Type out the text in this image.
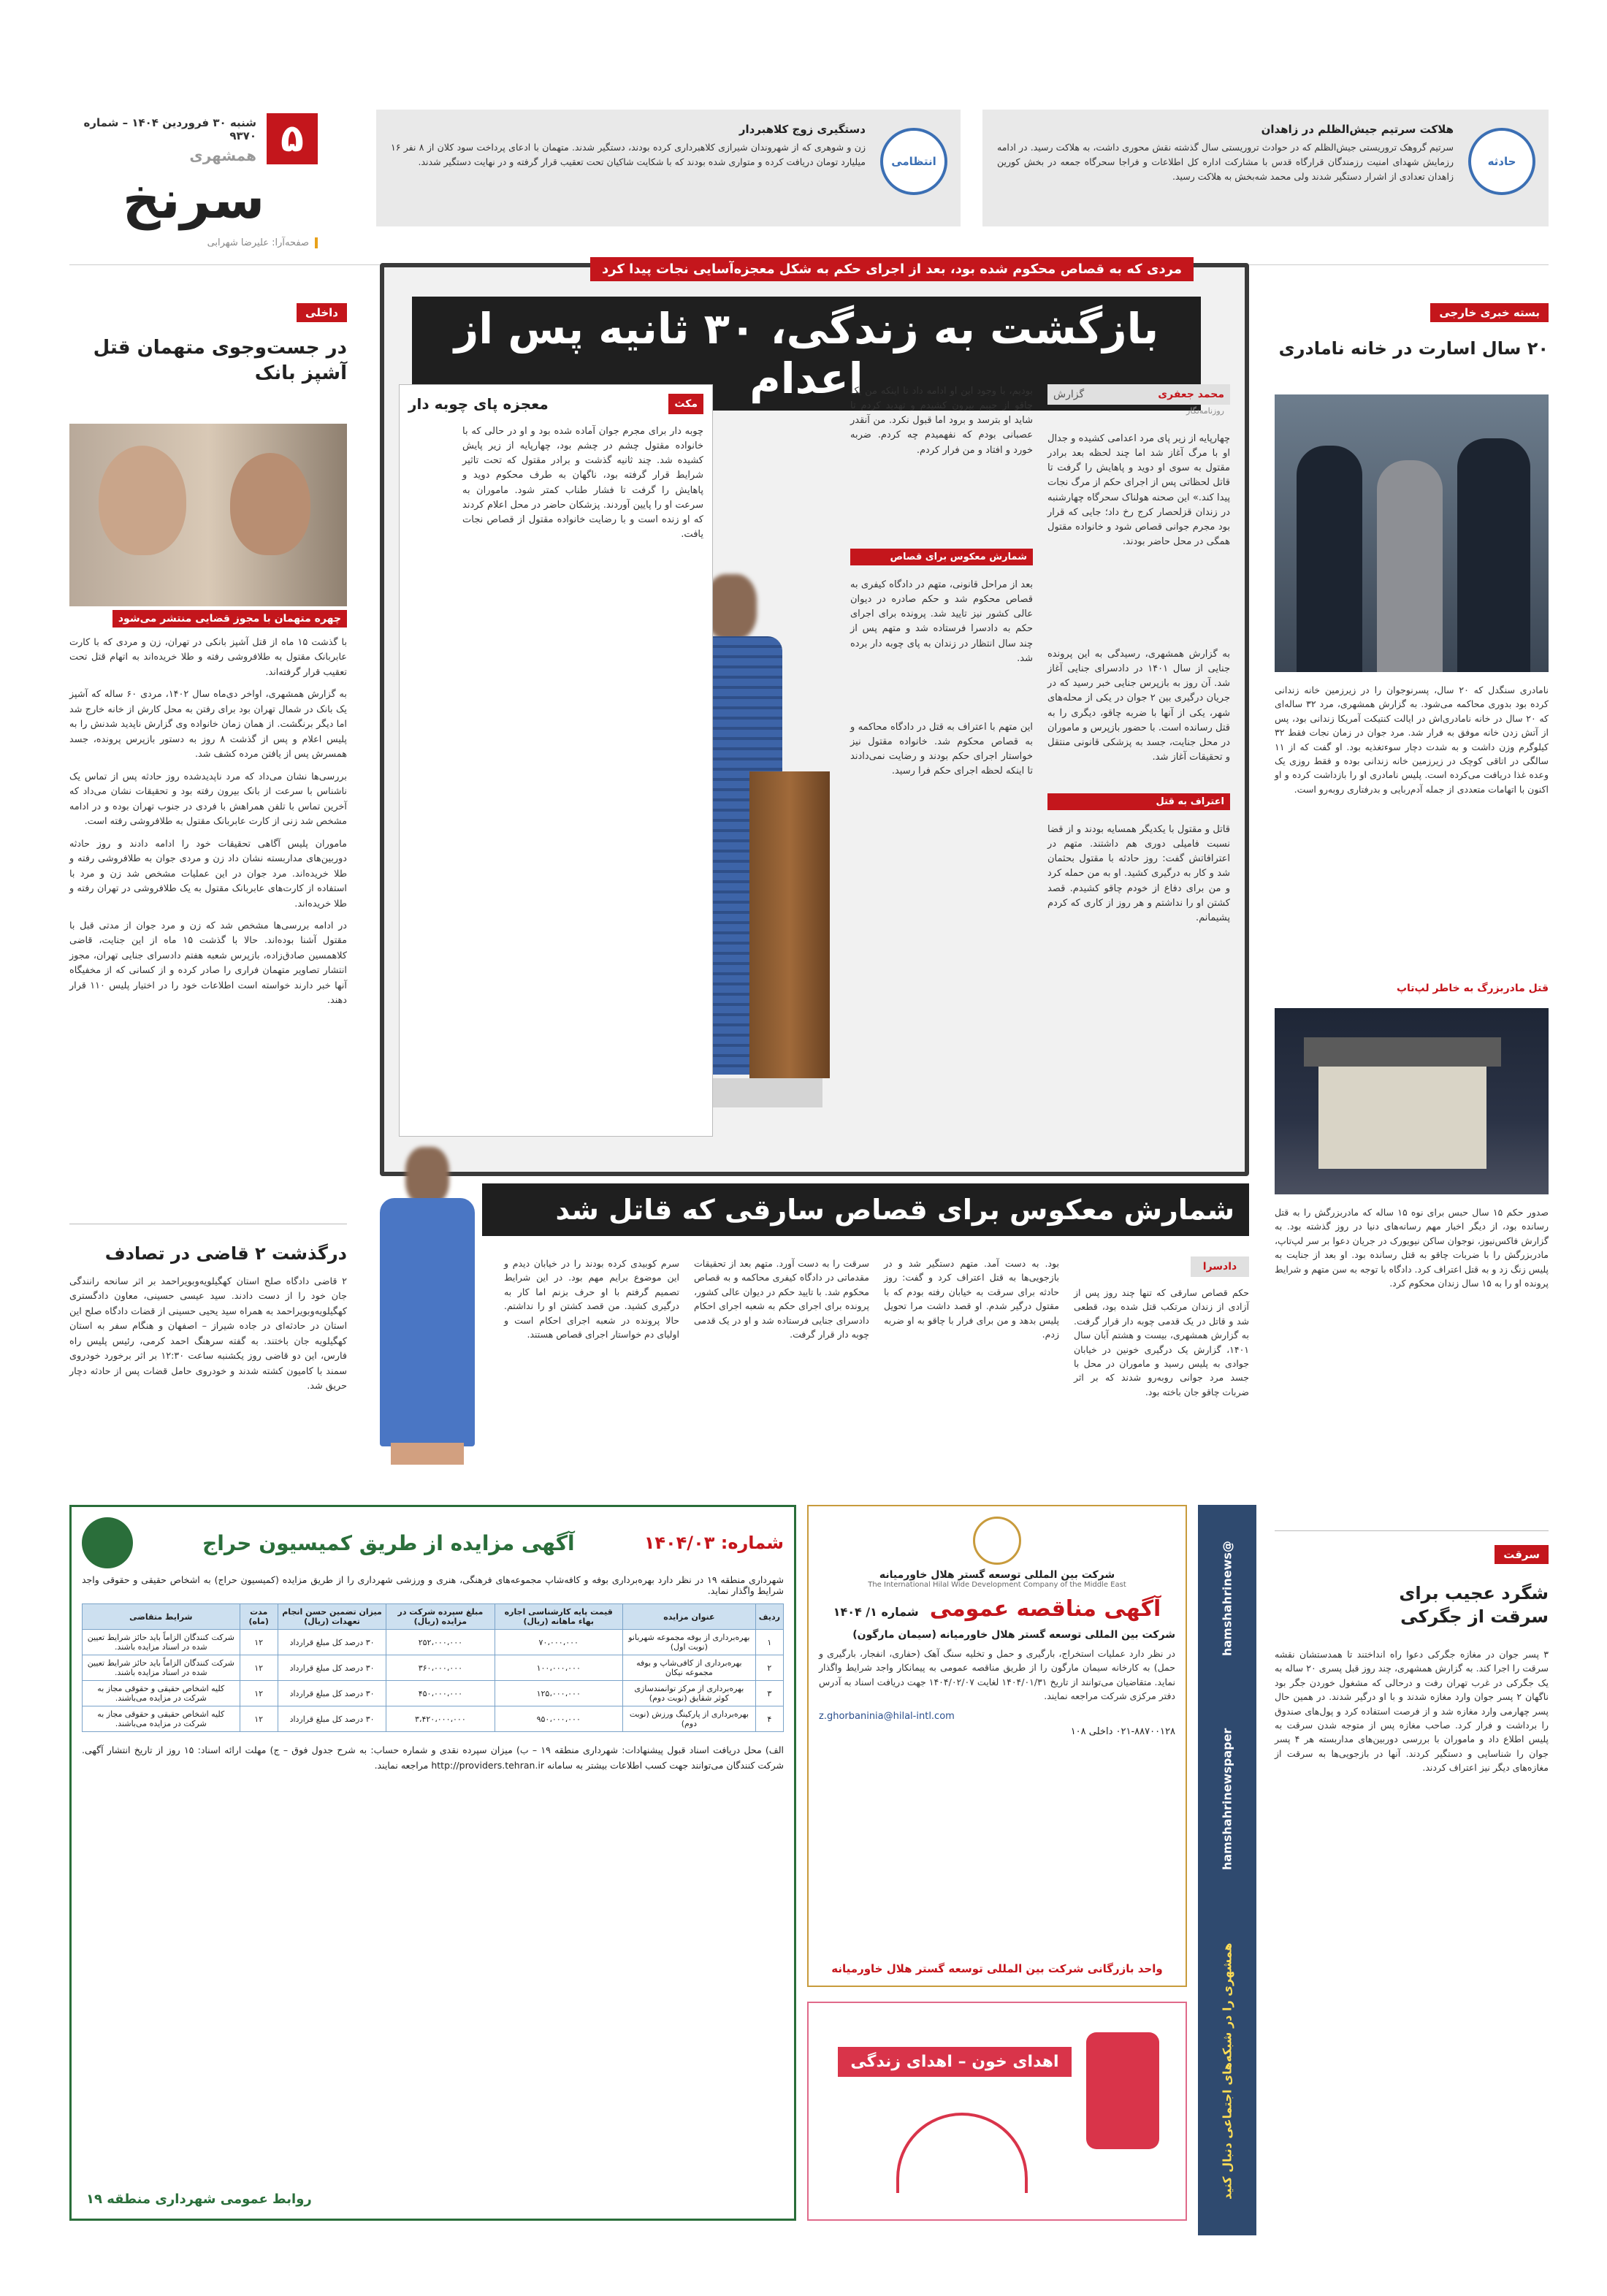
۵
شنبه ۳۰ فروردین ۱۴۰۴ – شماره ۹۳۷۰
همشهری
سرنخ
صفحه‌آرا: علیرضا شهرابی
حادثه
هلاکت سرتیم جیش‌الظلم در زاهدان
سرتیم گروهک تروریستی جیش‌الظلم که در حوادث تروریستی سال گذشته نقش محوری داشت، به هلاکت رسید. در ادامه رزمایش شهدای امنیت رزمندگان قرارگاه قدس با مشارکت اداره کل اطلاعات و فراجا سحرگاه جمعه در بخش کورین زاهدان تعدادی از اشرار دستگیر شدند ولی محمد شه‌بخش به هلاکت رسید.
انتظامی
دستگیری زوج کلاهبردار
زن و شوهری که از شهروندان شیرازی کلاهبرداری کرده بودند، دستگیر شدند. متهمان با ادعای پرداخت سود کلان از ۸ نفر ۱۶ میلیارد تومان دریافت کرده و متواری شده بودند که با شکایت شاکیان تحت تعقیب قرار گرفته و در نهایت دستگیر شدند.
داخلی
در جست‌وجوی متهمان قتل آشپز بانک
چهره متهمان با مجوز قضایی منتشر می‌شود

با گذشت ۱۵ ماه از قتل آشپز بانکی در تهران، زن و مردی که با کارت عابربانک مقتول به طلافروشی رفته و طلا خریده‌اند به اتهام قتل تحت تعقیب قرار گرفته‌اند.

به گزارش همشهری، اواخر دی‌ماه سال ۱۴۰۲، مردی ۶۰ ساله که آشپز یک بانک در شمال تهران بود برای رفتن به محل کارش از خانه خارج شد اما دیگر برنگشت. از همان زمان خانواده وی گزارش ناپدید شدنش را به پلیس اعلام و پس از گذشت ۸ روز به دستور بازپرس پرونده، جسد همسرش پس از یافتن مرده کشف شد.

بررسی‌ها نشان می‌داد که مرد ناپدیدشده روز حادثه پس از تماس یک ناشناس با سرعت از بانک بیرون رفته بود و تحقیقات نشان می‌داد که آخرین تماس با تلفن همراهش با فردی در جنوب تهران بوده و در ادامه مشخص شد زنی از کارت عابربانک مقتول به طلافروشی رفته است.

ماموران پلیس آگاهی تحقیقات خود را ادامه دادند و روز حادثه دوربین‌های مداربسته نشان داد زن و مردی جوان به طلافروشی رفته و طلا خریده‌اند. مرد جوان در این عملیات مشخص شد زن و مرد با استفاده از کارت‌های عابربانک مقتول به یک طلافروشی در تهران رفته و طلا خریده‌اند.

در ادامه بررسی‌ها مشخص شد که زن و مرد جوان از مدتی قبل با مقتول آشنا بوده‌اند. حالا با گذشت ۱۵ ماه از این جنایت، قاضی کلاهمسین صادق‌زاده، بازپرس شعبه هفتم دادسرای جنایی تهران، مجوز انتشار تصاویر متهمان فراری را صادر کرده و از کسانی که از مخفیگاه آنها خبر دارند خواسته است اطلاعات خود را در اختیار پلیس ۱۱۰ قرار دهند.

درگذشت ۲ قاضی در تصادف
۲ قاضی دادگاه صلح استان کهگیلویه‌وبویراحمد بر اثر سانحه رانندگی جان خود را از دست دادند. سید عیسی حسینی، معاون دادگستری کهگیلویه‌وبویراحمد به همراه سید یحیی حسینی از قضات دادگاه صلح این استان در حادثه‌ای در جاده شیراز – اصفهان و هنگام سفر به استان کهگیلویه جان باختند. به گفته سرهنگ احمد کرمی، رئیس پلیس راه فارس، این دو قاضی روز یکشنبه ساعت ۱۲:۳۰ بر اثر برخورد خودروی سمند با کامیون کشته شدند و خودروی حامل قضات پس از حادثه دچار حریق شد.
مردی که به قصاص محکوم شده بود، بعد از اجرای حکم به شکل معجزه‌آسایی نجات پیدا کرد
بازگشت به زندگی، ۳۰ ثانیه پس از اعدام	محمد جعفری
گزارش
روزنامه‌نگار
چهارپایه از زیر پای مرد اعدامی کشیده و جدال او با مرگ آغاز شد اما چند لحظه بعد برادر مقتول به سوی او دوید و پاهایش را گرفت تا قاتل لحظاتی پس از اجرای حکم از مرگ نجات پیدا کند.» این صحنه هولناک سحرگاه چهارشنبه در زندان قزلحصار کرج رخ داد؛ جایی که قرار بود مجرم جوانی قصاص شود و خانواده مقتول همگی در محل حاضر بودند.
به گزارش همشهری، رسیدگی به این پرونده جنایی از سال ۱۴۰۱ در دادسرای جنایی آغاز شد. آن روز به بازپرس جنایی خبر رسید که در جریان درگیری بین ۲ جوان در یکی از محله‌های شهر، یکی از آنها با ضربه چاقو، دیگری را به قتل رسانده است. با حضور بازپرس و ماموران در محل جنایت، جسد به پزشکی قانونی منتقل و تحقیقات آغاز شد.
اعتراف به قتل
قاتل و مقتول با یکدیگر همسایه بودند و از قضا نسبت فامیلی دوری هم داشتند. متهم در اعترافاتش گفت: روز حادثه با مقتول بحثمان شد و کار به درگیری کشید. او به من حمله کرد و من برای دفاع از خودم چاقو کشیدم. قصد کشتن او را نداشتم و هر روز از کاری که کردم پشیمانم.
بودیم، با وجود این او ادامه داد تا اینکه من یک چاقو از جیبم بیرون کشیدم و تهدید کردم تا شاید او بترسد و برود اما قبول نکرد. من آنقدر عصبانی بودم که نفهمیدم چه کردم. ضربه خورد و افتاد و من فرار کردم.
شمارش معکوس برای قصاص
بعد از مراحل قانونی، متهم در دادگاه کیفری به قصاص محکوم شد و حکم صادره در دیوان عالی کشور نیز تایید شد. پرونده برای اجرای حکم به دادسرا فرستاده شد و متهم پس از چند سال انتظار در زندان به پای چوبه دار برده شد.
این متهم با اعتراف به قتل در دادگاه محاکمه و به قصاص محکوم شد. خانواده مقتول نیز خواستار اجرای حکم بودند و رضایت نمی‌دادند تا اینکه لحظه اجرای حکم فرا رسید.
مکث
معجزه پای چوبه دار
چوبه دار برای مجرم جوان آماده شده بود و او در حالی که با خانواده مقتول چشم در چشم بود، چهارپایه از زیر پایش کشیده شد. چند ثانیه گذشت و برادر مقتول که تحت تاثیر شرایط قرار گرفته بود، ناگهان به طرف محکوم دوید و پاهایش را گرفت تا فشار طناب کمتر شود. ماموران به سرعت او را پایین آوردند. پزشکان حاضر در محل اعلام کردند که او زنده است و با رضایت خانواده مقتول از قصاص نجات یافت.
شمارش معکوس برای قصاص سارقی که قاتل شد
دادسرا
حکم قصاص سارقی که تنها چند روز پس از آزادی از زندان مرتکب قتل شده بود، قطعی شد و قاتل در یک قدمی چوبه دار قرار گرفت. به گزارش همشهری، بیست و هشتم آبان سال ۱۴۰۱، گزارش یک درگیری خونین در خیابان جوادی به پلیس رسید و ماموران در محل با جسد مرد جوانی روبه‌رو شدند که بر اثر ضربات چاقو جان باخته بود.
بود. به دست آمد. متهم دستگیر شد و در بازجویی‌ها به قتل اعتراف کرد و گفت: روز حادثه برای سرقت به خیابان رفته بودم که با مقتول درگیر شدم. او قصد داشت مرا تحویل پلیس بدهد و من برای فرار با چاقو به او ضربه زدم.
سرقت را به دست آورد. متهم بعد از تحقیقات مقدماتی در دادگاه کیفری محاکمه و به قصاص محکوم شد. با تایید حکم در دیوان عالی کشور، پرونده برای اجرای حکم به شعبه اجرای احکام دادسرای جنایی فرستاده شد و او در یک قدمی چوبه دار قرار گرفت.
سرم کوبیدی کرده بودند را در خیابان دیدم و این موضوع برایم مهم بود. در این شرایط تصمیم گرفتم با او حرف بزنم اما کار به درگیری کشید. من قصد کشتن او را نداشتم. حالا پرونده در شعبه اجرای احکام است و اولیای دم خواستار اجرای قصاص هستند.
بسته خبری خارجی
۲۰ سال اسارت در خانه نامادری
نامادری سنگدل که ۲۰ سال، پسرنوجوان را در زیرزمین خانه زندانی کرده بود بدوری محاکمه می‌شود. به گزارش همشهری، مرد ۳۲ ساله‌ای که ۲۰ سال در خانه نامادری‌اش در ایالت کنتیکت آمریکا زندانی بود، پس از آتش زدن خانه موفق به فرار شد. مرد جوان در زمان نجات فقط ۳۲ کیلوگرم وزن داشت و به شدت دچار سوءتغذیه بود. او گفت که از ۱۱ سالگی در اتاقی کوچک در زیرزمین خانه زندانی بوده و فقط روزی یک وعده غذا دریافت می‌کرده است. پلیس نامادری او را بازداشت کرده و او اکنون با اتهامات متعددی از جمله آدم‌ربایی و بدرفتاری روبه‌رو است.
قتل مادربزرگ به خاطر لپ‌تاپ
صدور حکم ۱۵ سال حبس برای نوه ۱۵ ساله که مادربزرگش را به قتل رسانده بود، از دیگر اخبار مهم رسانه‌های دنیا در روز گذشته بود. به گزارش فاکس‌نیوز، نوجوان ساکن نیویورک در جریان دعوا بر سر لپ‌تاپ، مادربزرگش را با ضربات چاقو به قتل رسانده بود. او بعد از جنایت به پلیس زنگ زد و به قتل اعتراف کرد. دادگاه با توجه به سن متهم و شرایط پرونده او را به ۱۵ سال زندان محکوم کرد.
سرقت
شگرد عجیب برای سرقت از جگرکی
۳ پسر جوان در مغازه جگرکی دعوا راه انداختند تا همدستشان نقشه سرقت را اجرا کند. به گزارش همشهری، چند روز قبل پسری ۲۰ ساله به یک جگرکی در غرب تهران رفت و درحالی که مشغول خوردن جگر بود ناگهان ۲ پسر جوان وارد مغازه شدند و با او درگیر شدند. در همین حال پسر چهارمی وارد مغازه شد و از فرصت استفاده کرد و پول‌های صندوق را برداشت و فرار کرد. صاحب مغازه پس از متوجه شدن سرقت به پلیس اطلاع داد و ماموران با بررسی دوربین‌های مداربسته هر ۴ پسر جوان را شناسایی و دستگیر کردند. آنها در بازجویی‌ها به سرقت از مغازه‌های دیگر نیز اعتراف کردند.
@hamshahrinews
hamshahrinewspaper
همشهری را در شبکه‌های اجتماعی دنبال کنید
شرکت بین المللی توسعه گستر هلال خاورمیانه
The International Hilal Wide Development Company of the Middle East
آگهی مناقصه عمومی شماره ۱/ ۱۴۰۴
شرکت بین المللی توسعه گستر هلال خاورمیانه (سیمان مارگون)
در نظر دارد عملیات استخراج، بارگیری و حمل و تخلیه سنگ آهک (حفاری، انفجار، بارگیری و حمل) به کارخانه سیمان مارگون را از طریق مناقصه عمومی به پیمانکار واجد شرایط واگذار نماید. متقاضیان می‌توانند از تاریخ ۱۴۰۴/۰۱/۳۱ لغایت ۱۴۰۴/۰۲/۰۷ جهت دریافت اسناد به آدرس دفتر مرکزی شرکت مراجعه نمایند.
z.ghorbaninia@hilal-intl.com
۰۲۱-۸۸۷۰۰۱۲۸ داخلی ۱۰۸
واحد بازرگانی شرکت بین المللی توسعه گستر هلال خاورمیانه
اهدای خون – اهدای زندگی
شماره: ۱۴۰۴/۰۳
آگهی مزایده از طریق کمیسیون حراج
شهرداری منطقه ۱۹ در نظر دارد بهره‌برداری بوفه و کافه‌شاپ مجموعه‌های فرهنگی، هنری و ورزشی شهرداری را از طریق مزایده (کمیسیون حراج) به اشخاص حقیقی و حقوقی واجد شرایط واگذار نماید.
ردیف	عنوان مزایده	قیمت پایه کارشناسی اجاره بهاء ماهانه (ریال)	مبلغ سپرده شرکت در مزایده (ریال)	میزان تضمین حسن انجام تعهدات (ریال)	مدت (ماه)	شرایط متقاضی
۱	بهره‌برداری از بوفه مجموعه شهربانو (نوبت اول)	۷۰،۰۰۰،۰۰۰	۲۵۲،۰۰۰،۰۰۰	۳۰ درصد کل مبلغ قرارداد	۱۲	شرکت کنندگان الزاماً باید حائز شرایط تعیین شده در اسناد مزایده باشند.
۲	بهره‌برداری از کافی‌شاپ و بوفه مجموعه نیکان	۱۰۰،۰۰۰،۰۰۰	۳۶۰،۰۰۰،۰۰۰	۳۰ درصد کل مبلغ قرارداد	۱۲	شرکت کنندگان الزاماً باید حائز شرایط تعیین شده در اسناد مزایده باشند.
۳	بهره‌برداری از مرکز توانمندسازی کوثر شقایق (نوبت دوم)	۱۲۵،۰۰۰،۰۰۰	۴۵۰،۰۰۰،۰۰۰	۳۰ درصد کل مبلغ قرارداد	۱۲	کلیه اشخاص حقیقی و حقوقی مجاز به شرکت در مزایده می‌باشند.
۴	بهره‌برداری از پارکینگ ورزش (نوبت دوم)	۹۵۰،۰۰۰،۰۰۰	۳،۴۲۰،۰۰۰،۰۰۰	۳۰ درصد کل مبلغ قرارداد	۱۲	کلیه اشخاص حقیقی و حقوقی مجاز به شرکت در مزایده می‌باشند.
الف) محل دریافت اسناد قبول پیشنهادات: شهرداری منطقه ۱۹ – ب) میزان سپرده نقدی و شماره حساب: به شرح جدول فوق – ج) مهلت ارائه اسناد: ۱۵ روز از تاریخ انتشار آگهی. شرکت کنندگان می‌توانند جهت کسب اطلاعات بیشتر به سامانه http://providers.tehran.ir مراجعه نمایند.
روابط عمومی شهرداری منطقه ۱۹
